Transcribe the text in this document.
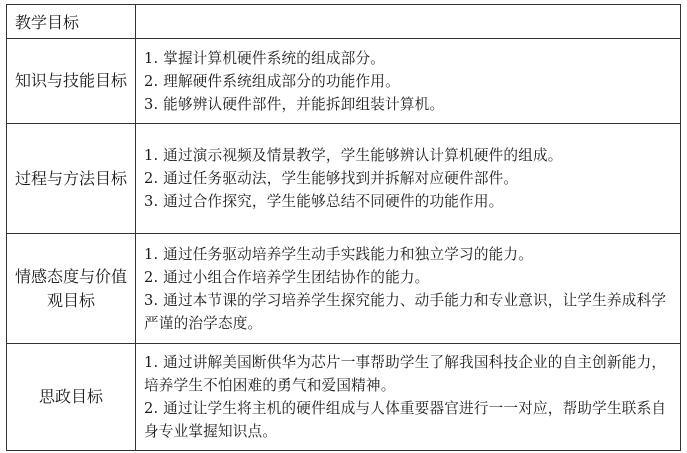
教学目标	
知识与技能目标	1. 掌握计算机硬件系统的组成部分。
2. 理解硬件系统组成部分的功能作用。
3. 能够辨认硬件部件，并能拆卸组装计算机。

过程与方法目标	1. 通过演示视频及情景教学，学生能够辨认计算机硬件的组成。
2. 通过任务驱动法，学生能够找到并拆解对应硬件部件。
3. 通过合作探究，学生能够总结不同硬件的功能作用。

情感态度与价值观目标	1. 通过任务驱动培养学生动手实践能力和独立学习的能力。
2. 通过小组合作培养学生团结协作的能力。
3. 通过本节课的学习培养学生探究能力、动手能力和专业意识，让学生养成科学严谨的治学态度。

思政目标	1. 通过讲解美国断供华为芯片一事帮助学生了解我国科技企业的自主创新能力，培养学生不怕困难的勇气和爱国精神。
2. 通过让学生将主机的硬件组成与人体重要器官进行一一对应，帮助学生联系自身专业掌握知识点。
